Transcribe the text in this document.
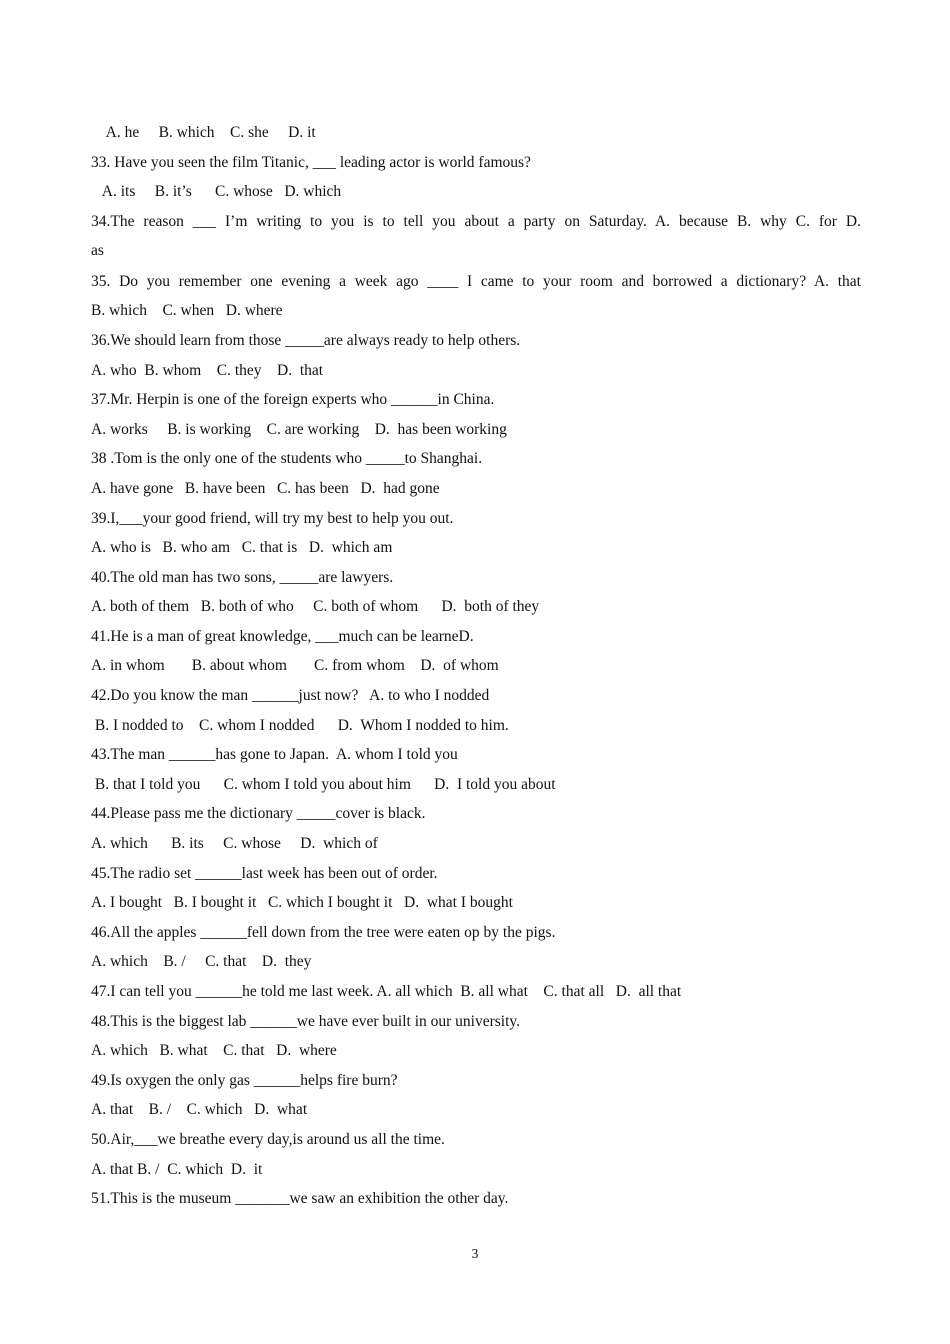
A. he     B. which    C. she     D. it
33. Have you seen the film Titanic, ___ leading actor is world famous?
A. its     B. it’s      C. whose   D. which
34.The reason ___ I’m writing to you is to tell you about a party on Saturday. A. because B. why C. for D.
as
35. Do you remember one evening a week ago ____ I came to your room and borrowed a dictionary? A. that
B. which    C. when   D. where
36.We should learn from those _____are always ready to help others.
A. who  B. whom    C. they    D.  that
37.Mr. Herpin is one of the foreign experts who ______in China.
A. works     B. is working    C. are working    D.  has been working
38 .Tom is the only one of the students who _____to Shanghai.
A. have gone   B. have been   C. has been   D.  had gone
39.I,___your good friend, will try my best to help you out.
A. who is   B. who am   C. that is   D.  which am
40.The old man has two sons, _____are lawyers.
A. both of them   B. both of who     C. both of whom      D.  both of they
41.He is a man of great knowledge, ___much can be learneD.
A. in whom       B. about whom       C. from whom    D.  of whom
42.Do you know the man ______just now?   A. to who I nodded
B. I nodded to    C. whom I nodded      D.  Whom I nodded to him.
43.The man ______has gone to Japan.  A. whom I told you
B. that I told you      C. whom I told you about him      D.  I told you about
44.Please pass me the dictionary _____cover is black.
A. which      B. its     C. whose     D.  which of
45.The radio set ______last week has been out of order.
A. I bought   B. I bought it   C. which I bought it   D.  what I bought
46.All the apples ______fell down from the tree were eaten op by the pigs.
A. which    B. /     C. that    D.  they
47.I can tell you ______he told me last week. A. all which  B. all what    C. that all   D.  all that
48.This is the biggest lab ______we have ever built in our university.
A. which   B. what    C. that   D.  where
49.Is oxygen the only gas ______helps fire burn?
A. that    B. /    C. which   D.  what
50.Air,___we breathe every day,is around us all the time.
A. that B. /  C. which  D.  it
51.This is the museum _______we saw an exhibition the other day.
3
